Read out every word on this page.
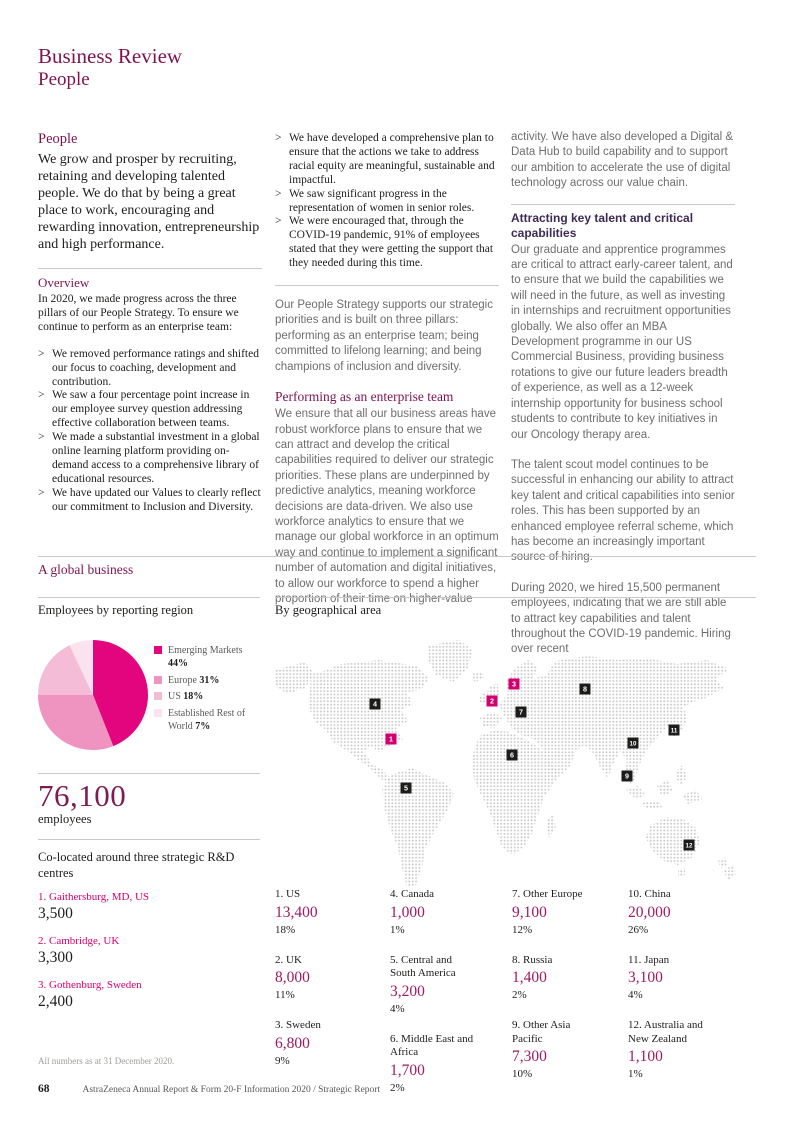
Business Review
People
People
We grow and prosper by recruiting, retaining and developing talented people. We do that by being a great place to work, encouraging and rewarding innovation, entrepreneurship and high performance.
Overview
In 2020, we made progress across the three pillars of our People Strategy. To ensure we continue to perform as an enterprise team:
> We removed performance ratings and shifted our focus to coaching, development and contribution.
> We saw a four percentage point increase in our employee survey question addressing effective collaboration between teams.
> We made a substantial investment in a global online learning platform providing on-demand access to a comprehensive library of educational resources.
> We have updated our Values to clearly reflect our commitment to Inclusion and Diversity.
> We have developed a comprehensive plan to ensure that the actions we take to address racial equity are meaningful, sustainable and impactful.
> We saw significant progress in the representation of women in senior roles.
> We were encouraged that, through the COVID-19 pandemic, 91% of employees stated that they were getting the support that they needed during this time.
Our People Strategy supports our strategic priorities and is built on three pillars: performing as an enterprise team; being committed to lifelong learning; and being champions of inclusion and diversity.
Performing as an enterprise team
We ensure that all our business areas have robust workforce plans to ensure that we can attract and develop the critical capabilities required to deliver our strategic priorities. These plans are underpinned by predictive analytics, meaning workforce decisions are data-driven. We also use workforce analytics to ensure that we manage our global workforce in an optimum way and continue to implement a significant number of automation and digital initiatives, to allow our workforce to spend a higher proportion of their time on higher-value
activity. We have also developed a Digital & Data Hub to build capability and to support our ambition to accelerate the use of digital technology across our value chain.
Attracting key talent and critical capabilities
Our graduate and apprentice programmes are critical to attract early-career talent, and to ensure that we build the capabilities we will need in the future, as well as investing in internships and recruitment opportunities globally. We also offer an MBA Development programme in our US Commercial Business, providing business rotations to give our future leaders breadth of experience, as well as a 12-week internship opportunity for business school students to contribute to key initiatives in our Oncology therapy area.
The talent scout model continues to be successful in enhancing our ability to attract key talent and critical capabilities into senior roles. This has been supported by an enhanced employee referral scheme, which has become an increasingly important source of hiring.
During 2020, we hired 15,500 permanent employees, indicating that we are still able to attract key capabilities and talent throughout the COVID-19 pandemic. Hiring over recent
A global business
Employees by reporting region	By geographical area
Emerging Markets 44%
Europe 31%
US 18%
Established Rest of World 7%
1
2
3
4
5
6
7
8
9
10
11
12
76,100
employees
Co-located around three strategic R&D centres
1. Gaithersburg, MD, US
3,500
2. Cambridge, UK
3,300
3. Gothenburg, Sweden
2,400
1. US
13,400
18%
2. UK
8,000
11%
3. Sweden
6,800
9%
4. Canada
1,000
1%
5. Central and South America
3,200
4%
6. Middle East and Africa
1,700
2%
7. Other Europe
9,100
12%
8. Russia
1,400
2%
9. Other Asia Pacific
7,300
10%
10. China
20,000
26%
11. Japan
3,100
4%
12. Australia and New Zealand
1,100
1%
All numbers as at 31 December 2020.
68	AstraZeneca Annual Report & Form 20-F Information 2020 / Strategic Report
